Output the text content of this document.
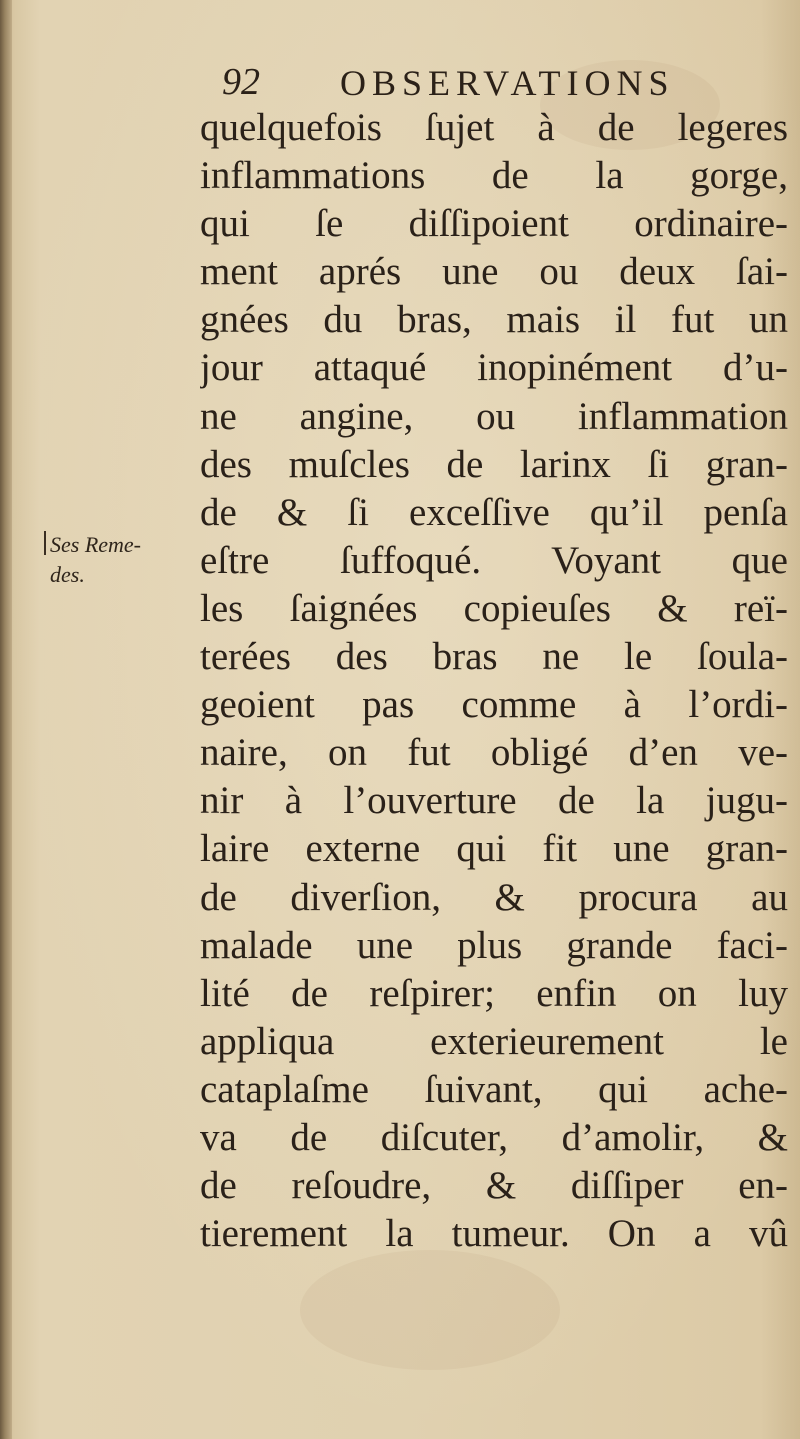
92 OBSERVATIONS
Ses Reme-
des.
quelquefois ſujet à de legeres
inflammations de la gorge,
qui ſe diſſipoient ordinaire-
ment aprés une ou deux ſai-
gnées du bras, mais il fut un
jour attaqué inopinément d’u-
ne angine, ou inflammation
des muſcles de larinx ſi gran-
de & ſi exceſſive qu’il penſa
eſtre ſuffoqué. Voyant que
les ſaignées copieuſes & reï-
terées des bras ne le ſoula-
geoient pas comme à l’ordi-
naire, on fut obligé d’en ve-
nir à l’ouverture de la jugu-
laire externe qui fit une gran-
de diverſion, & procura au
malade une plus grande faci-
lité de reſpirer; enfin on luy
appliqua exterieurement le
cataplaſme ſuivant, qui ache-
va de diſcuter, d’amolir, &
de reſoudre, & diſſiper en-
tierement la tumeur. On a vû
